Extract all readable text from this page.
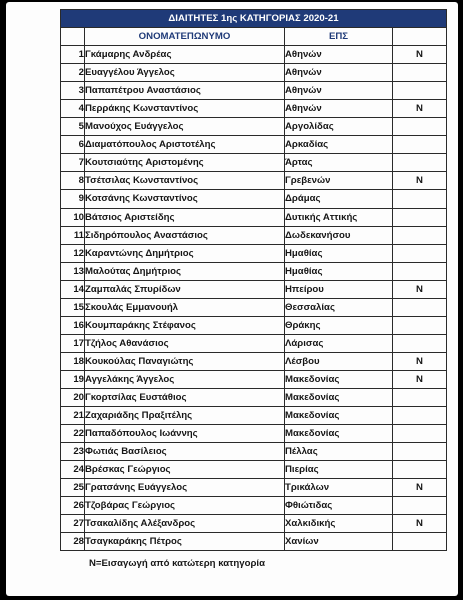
ΔΙΑΙΤΗΤΕΣ 1ης ΚΑΤΗΓΟΡΙΑΣ 2020-21			
	ΟΝΟΜΑΤΕΠΩΝΥΜΟ	ΕΠΣ	
1	Γκάμαρης Ανδρέας	Αθηνών	N
2	Ευαγγέλου Άγγελος	Αθηνών	
3	Παπαπέτρου Αναστάσιος	Αθηνών	
4	Περράκης Κωνσταντίνος	Αθηνών	N
5	Μανούχος Ευάγγελος	Αργολίδας	
6	Διαματόπουλος Αριστοτέλης	Αρκαδίας	
7	Κουτσιαύτης Αριστομένης	Άρτας	
8	Τσέτσιλας Κωνσταντίνος	Γρεβενών	N
9	Κοτσάνης Κωνσταντίνος	Δράμας	
10	Βάτσιος Αριστείδης	Δυτικής Αττικής	
11	Σιδηρόπουλος Αναστάσιος	Δωδεκανήσου	
12	Καραντώνης Δημήτριος	Ημαθίας	
13	Μαλούτας Δημήτριος	Ημαθίας	
14	Ζαμπαλάς Σπυρίδων	Ηπείρου	N
15	Σκουλάς Εμμανουήλ	Θεσσαλίας	
16	Κουμπαράκης Στέφανος	Θράκης	
17	Τζήλος Αθανάσιος	Λάρισας	
18	Κουκούλας Παναγιώτης	Λέσβου	N
19	Αγγελάκης Άγγελος	Μακεδονίας	N
20	Γκορτσίλας Ευστάθιος	Μακεδονίας	
21	Ζαχαριάδης Πραξιτέλης	Μακεδονίας	
22	Παπαδόπουλος Ιωάννης	Μακεδονίας	
23	Φωτιάς Βασίλειος	Πέλλας	
24	Βρέσκας Γεώργιος	Πιερίας	
25	Γρατσάνης Ευάγγελος	Τρικάλων	N
26	Τζοβάρας Γεώργιος	Φθιώτιδας	
27	Τσακαλίδης Αλέξανδρος	Χαλκιδικής	N
28	Τσαγκαράκης Πέτρος	Χανίων	
N=Εισαγωγή από κατώτερη κατηγορία
